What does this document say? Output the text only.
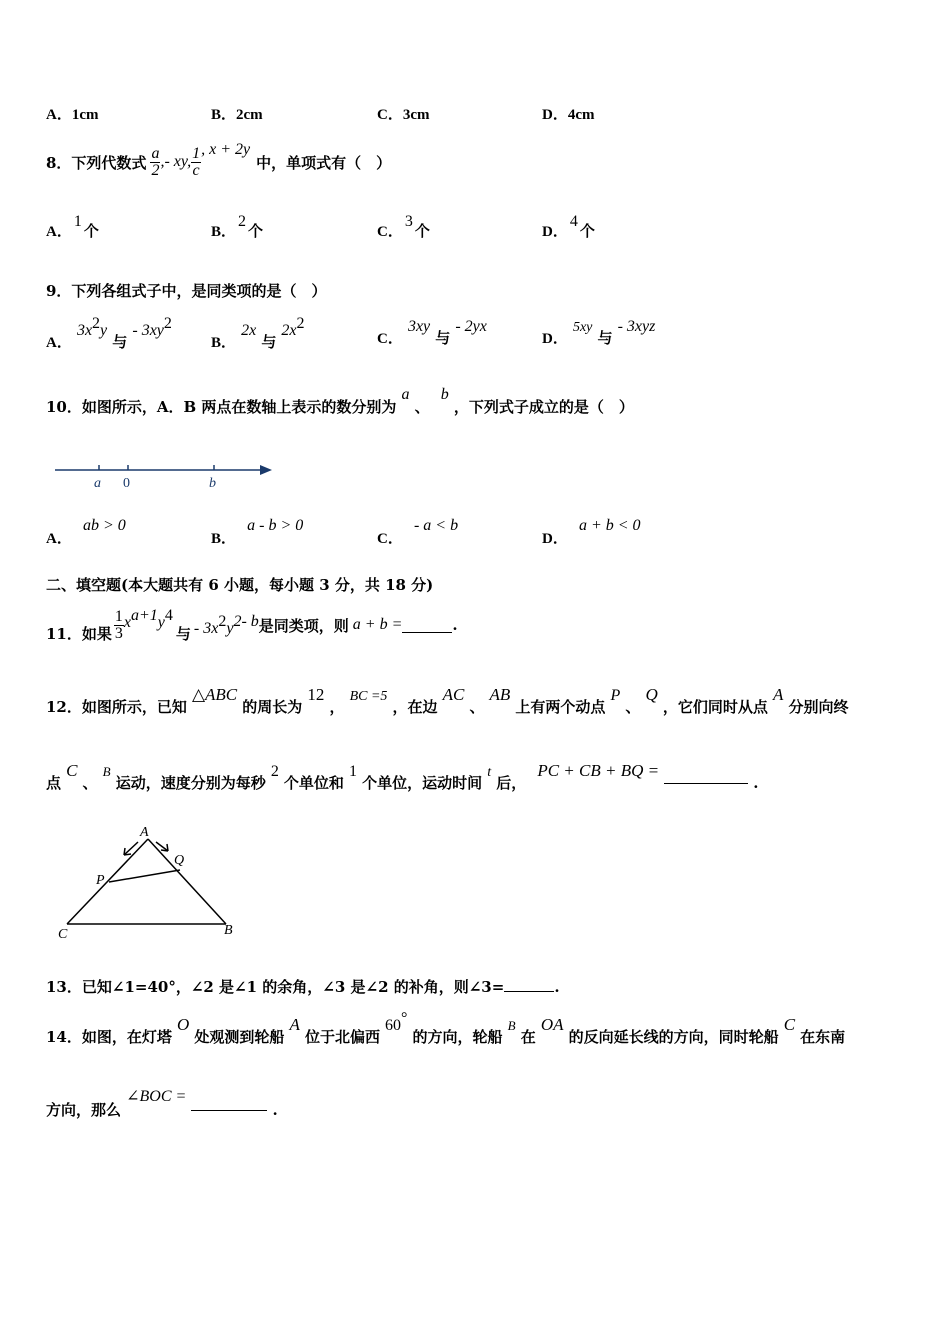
A．1cm	B．2cm	C．3cm	D．4cm
8．下列代数式 $\frac{a}{2}$ ,- xy, $\frac{1}{c}$ , x + 2y
中，单项式有（　）
A．1个	B．2个	C．3个	D．4个
9．下列各组式子中，是同类项的是（　）
A． $3x^2y$ 与 - $3xy^2$
B． 2x 与 $2x^2$
C． 3xy 与 - 2yx
D． 5xy 与 - 3xyz
10．如图所示，A．B 两点在数轴上表示的数分别为 a 、 b ，下列式子成立的是（　）
a 0	b
A． ab > 0
B． a - b > 0
C． - a < b
D． a + b < 0
二、填空题(本大题共有 6 小题，每小题 3 分，共 18 分)
11．如果 $\frac{1}{3} x^{a+1}y^4$
与 - $3x^2y^{2- b}$ 是同类项，则 a + b =	.
12．如图所示，已知 △ABC 的周长为 12 ， BC =5 ，在边 AC 、 AB 上有两个动点 P 、 Q ，它们同时从点 A 分别向终
点 C 、 B 运动，速度分别为每秒 2 个单位和 1 个单位，运动时间 t 后， PC + CB + BQ =  .
A
Q
P
C	B
13．已知∠1=40°，∠2 是∠1 的余角，∠3 是∠2 的补角，则∠3=	.
14．如图，在灯塔 O 处观测到轮船 A 位于北偏西 60° 的方向，轮船 B 在 OA 的反向延长线的方向，同时轮船 C 在东南
方向，那么 ∠BOC =  .
